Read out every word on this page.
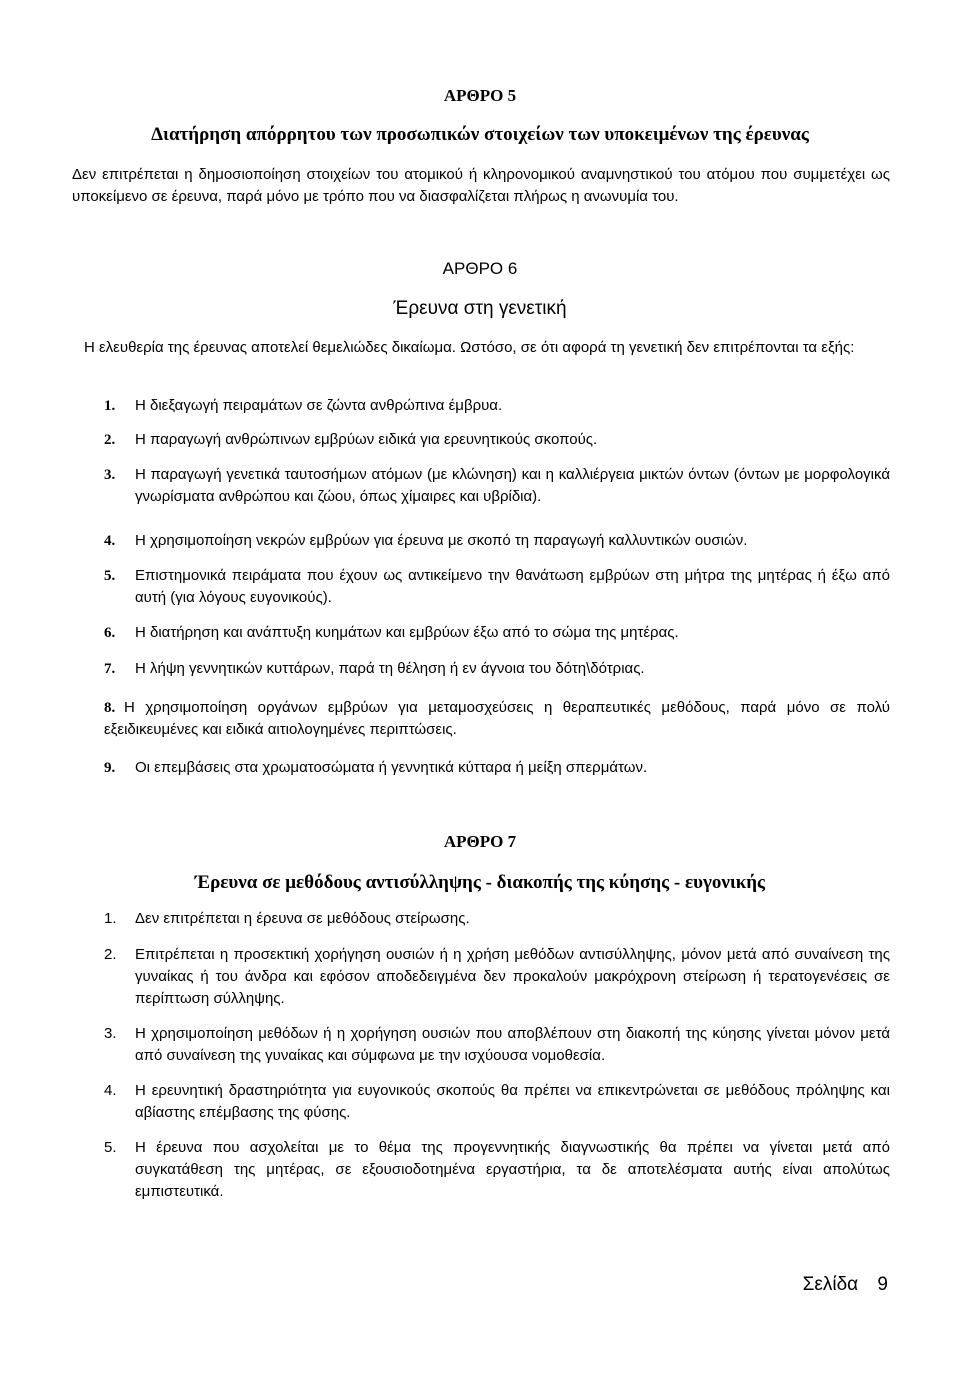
ΑΡΘΡΟ 5
Διατήρηση απόρρητου των προσωπικών στοιχείων των υποκειμένων της έρευνας
Δεν επιτρέπεται η δημοσιοποίηση στοιχείων του ατομικού ή κληρονομικού αναμνηστικού του ατόμου που συμμετέχει ως υποκείμενο σε έρευνα, παρά μόνο με τρόπο που να διασφαλίζεται πλήρως η ανωνυμία του.
ΑΡΘΡΟ 6
Έρευνα στη γενετική
Η ελευθερία της έρευνας αποτελεί θεμελιώδες δικαίωμα. Ωστόσο, σε ότι αφορά τη γενετική δεν επιτρέπονται τα εξής:
1.	Η διεξαγωγή πειραμάτων σε ζώντα ανθρώπινα έμβρυα.
2.	Η παραγωγή ανθρώπινων εμβρύων ειδικά για ερευνητικούς σκοπούς.
3.	Η παραγωγή γενετικά ταυτοσήμων ατόμων (με κλώνηση) και η καλλιέργεια μικτών όντων (όντων με μορφολογικά γνωρίσματα ανθρώπου και ζώου, όπως χίμαιρες και υβρίδια).
4.	Η χρησιμοποίηση νεκρών εμβρύων για έρευνα με σκοπό τη παραγωγή καλλυντικών ουσιών.
5.	Επιστημονικά πειράματα που έχουν ως αντικείμενο την θανάτωση εμβρύων στη μήτρα της μητέρας ή έξω από αυτή (για λόγους ευγονικούς).
6.	Η διατήρηση και ανάπτυξη κυημάτων και εμβρύων έξω από το σώμα της μητέρας.
7.	Η λήψη γεννητικών κυττάρων, παρά τη θέληση ή εν άγνοια του δότη\δότριας.
8. Η χρησιμοποίηση οργάνων εμβρύων για μεταμοσχεύσεις η θεραπευτικές μεθόδους, παρά μόνο σε πολύ εξειδικευμένες και ειδικά αιτιολογημένες περιπτώσεις.
9.	Οι επεμβάσεις στα χρωματοσώματα ή γεννητικά κύτταρα ή μείξη σπερμάτων.
ΑΡΘΡΟ 7
Έρευνα σε μεθόδους αντισύλληψης - διακοπής της κύησης - ευγονικής
1.	Δεν επιτρέπεται η έρευνα σε μεθόδους στείρωσης.
2.	Επιτρέπεται η προσεκτική χορήγηση ουσιών ή η χρήση μεθόδων αντισύλληψης, μόνον μετά από συναίνεση της γυναίκας ή του άνδρα και εφόσον αποδεδειγμένα δεν προκαλούν μακρόχρονη στείρωση ή τερατογενέσεις σε περίπτωση σύλληψης.
3.	Η χρησιμοποίηση μεθόδων ή η χορήγηση ουσιών που αποβλέπουν στη διακοπή της κύησης γίνεται μόνον μετά από συναίνεση της γυναίκας και σύμφωνα με την ισχύουσα νομοθεσία.
4.	Η ερευνητική δραστηριότητα για ευγονικούς σκοπούς θα πρέπει να επικεντρώνεται σε μεθόδους πρόληψης και αβίαστης επέμβασης της φύσης.
5.	Η έρευνα που ασχολείται με το θέμα της προγεννητικής διαγνωστικής θα πρέπει να γίνεται μετά από συγκατάθεση της μητέρας, σε εξουσιοδοτημένα εργαστήρια, τα δε αποτελέσματα αυτής είναι απολύτως εμπιστευτικά.
Σελίδα 9
